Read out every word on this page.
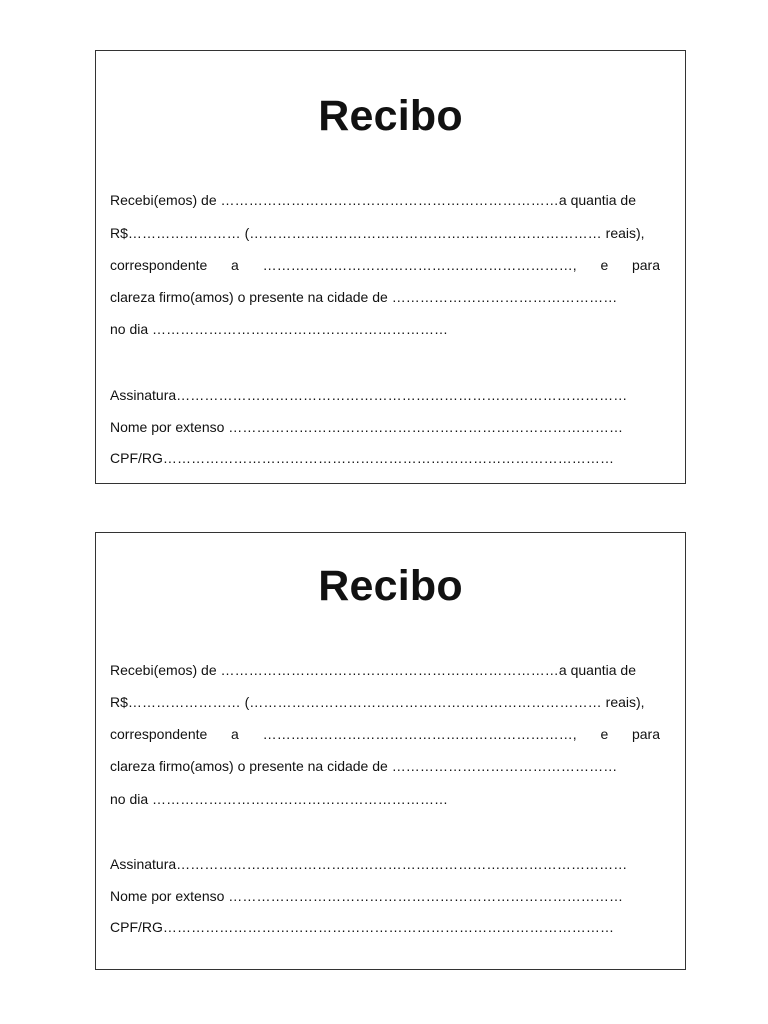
Recibo
Recebi(emos) de ………………………………………………………………a quantia de
R$…………………… (………………………………………………………………… reais),
correspondente a …………………………………………………………, e para
clareza firmo(amos) o presente na cidade de …………………………………………
no dia ………………………………………………………
Assinatura……………………………………………………………………………………
Nome por extenso …………………………………………………………………………
CPF/RG……………………………………………………………………………………
Recibo
Recebi(emos) de ………………………………………………………………a quantia de
R$…………………… (………………………………………………………………… reais),
correspondente a …………………………………………………………, e para
clareza firmo(amos) o presente na cidade de …………………………………………
no dia ………………………………………………………
Assinatura……………………………………………………………………………………
Nome por extenso …………………………………………………………………………
CPF/RG……………………………………………………………………………………
